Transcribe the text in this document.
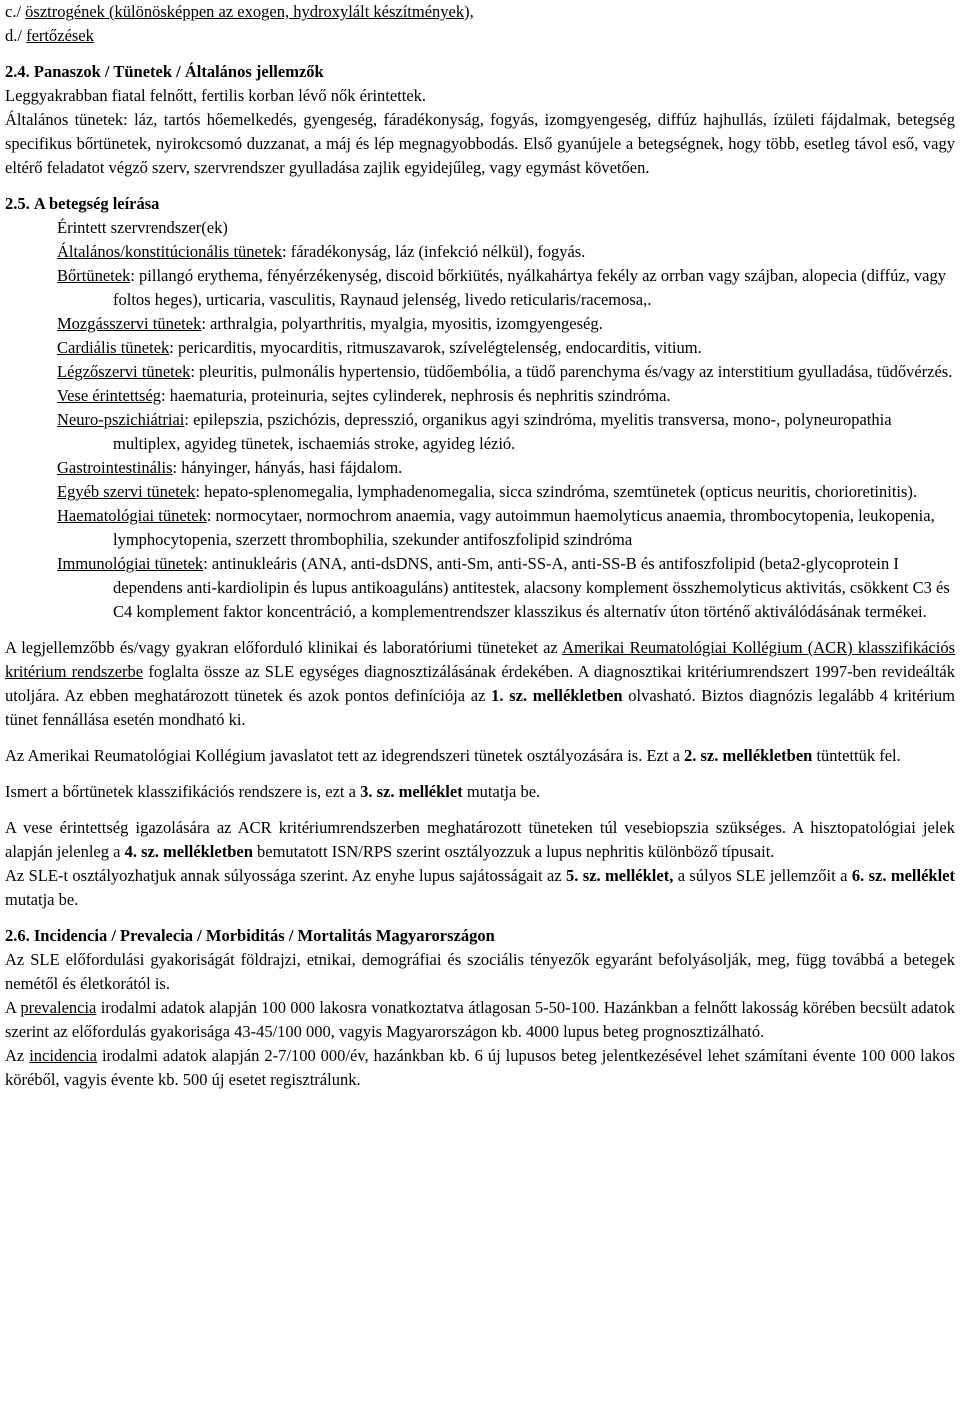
c./ ösztrogének (különösképpen az exogen, hydroxylált készítmények),

d./ fertőzések

2.4. Panaszok / Tünetek / Általános jellemzők

Leggyakrabban fiatal felnőtt, fertilis korban lévő nők érintettek.

Általános tünetek: láz, tartós hőemelkedés, gyengeség, fáradékonyság, fogyás, izomgyengeség, diffúz hajhullás, ízületi fájdalmak, betegség specifikus bőrtünetek, nyirokcsomó duzzanat, a máj és lép megnagyobbodás. Első gyanújele a betegségnek, hogy több, esetleg távol eső, vagy eltérő feladatot végző szerv, szervrendszer gyulladása zajlik egyidejűleg, vagy egymást követően.

2.5. A betegség leírása

Érintett szervrendszer(ek)

Általános/konstitúcionális tünetek: fáradékonyság, láz (infekció nélkül), fogyás.

Bőrtünetek: pillangó erythema, fényérzékenység, discoid bőrkiütés, nyálkahártya fekély az orrban vagy szájban, alopecia (diffúz, vagy foltos heges), urticaria, vasculitis, Raynaud jelenség, livedo reticularis/racemosa,.

Mozgásszervi tünetek: arthralgia, polyarthritis, myalgia, myositis, izomgyengeség.

Cardiális tünetek: pericarditis, myocarditis, ritmuszavarok, szívelégtelenség, endocarditis, vitium.

Légzőszervi tünetek: pleuritis, pulmonális hypertensio, tüdőembólia, a tüdő parenchyma és/vagy az interstitium gyulladása, tüdővérzés.

Vese érintettség: haematuria, proteinuria, sejtes cylinderek, nephrosis és nephritis szindróma.

Neuro-pszichiátriai: epilepszia, pszichózis, depresszió, organikus agyi szindróma, myelitis transversa, mono-, polyneuropathia multiplex, agyideg tünetek, ischaemiás stroke, agyideg lézió.

Gastrointestinális: hányinger, hányás, hasi fájdalom.

Egyéb szervi tünetek: hepato-splenomegalia, lymphadenomegalia, sicca szindróma, szemtünetek (opticus neuritis, chorioretinitis).

Haematológiai tünetek: normocytaer, normochrom anaemia, vagy autoimmun haemolyticus anaemia, thrombocytopenia, leukopenia, lymphocytopenia, szerzett thrombophilia, szekunder antifoszfolipid szindróma

Immunológiai tünetek: antinukleáris (ANA, anti-dsDNS, anti-Sm, anti-SS-A, anti-SS-B és antifoszfolipid (beta2-glycoprotein I dependens anti-kardiolipin és lupus antikoaguláns) antitestek, alacsony komplement összhemolyticus aktivitás, csökkent C3 és C4 komplement faktor koncentráció, a komplementrendszer klasszikus és alternatív úton történő aktiválódásának termékei.

A legjellemzőbb és/vagy gyakran előforduló klinikai és laboratóriumi tüneteket az Amerikai Reumatológiai Kollégium (ACR) klasszifikációs kritérium rendszerbe foglalta össze az SLE egységes diagnosztizálásának érdekében. A diagnosztikai kritériumrendszert 1997-ben revideálták utoljára. Az ebben meghatározott tünetek és azok pontos definíciója az 1. sz. mellékletben olvasható. Biztos diagnózis legalább 4 kritérium tünet fennállása esetén mondható ki.

Az Amerikai Reumatológiai Kollégium javaslatot tett az idegrendszeri tünetek osztályozására is. Ezt a 2. sz. mellékletben tüntettük fel.

Ismert a bőrtünetek klasszifikációs rendszere is, ezt a 3. sz. melléklet mutatja be.

A vese érintettség igazolására az ACR kritériumrendszerben meghatározott tüneteken túl vesebiopszia szükséges. A hisztopatológiai jelek alapján jelenleg a 4. sz. mellékletben bemutatott ISN/RPS szerint osztályozzuk a lupus nephritis különböző típusait.

Az SLE-t osztályozhatjuk annak súlyossága szerint. Az enyhe lupus sajátosságait az 5. sz. melléklet, a súlyos SLE jellemzőit a 6. sz. melléklet mutatja be.

2.6. Incidencia / Prevalecia / Morbiditás / Mortalitás Magyarországon

Az SLE előfordulási gyakoriságát földrajzi, etnikai, demográfiai és szociális tényezők egyaránt befolyásolják, meg, függ továbbá a betegek nemétől és életkorától is.

A prevalencia irodalmi adatok alapján 100 000 lakosra vonatkoztatva átlagosan 5-50-100. Hazánkban a felnőtt lakosság körében becsült adatok szerint az előfordulás gyakorisága 43-45/100 000, vagyis Magyarországon kb. 4000 lupus beteg prognosztizálható.

Az incidencia irodalmi adatok alapján 2-7/100 000/év, hazánkban kb. 6 új lupusos beteg jelentkezésével lehet számítani évente 100 000 lakos köréből, vagyis évente kb. 500 új esetet regisztrálunk.
